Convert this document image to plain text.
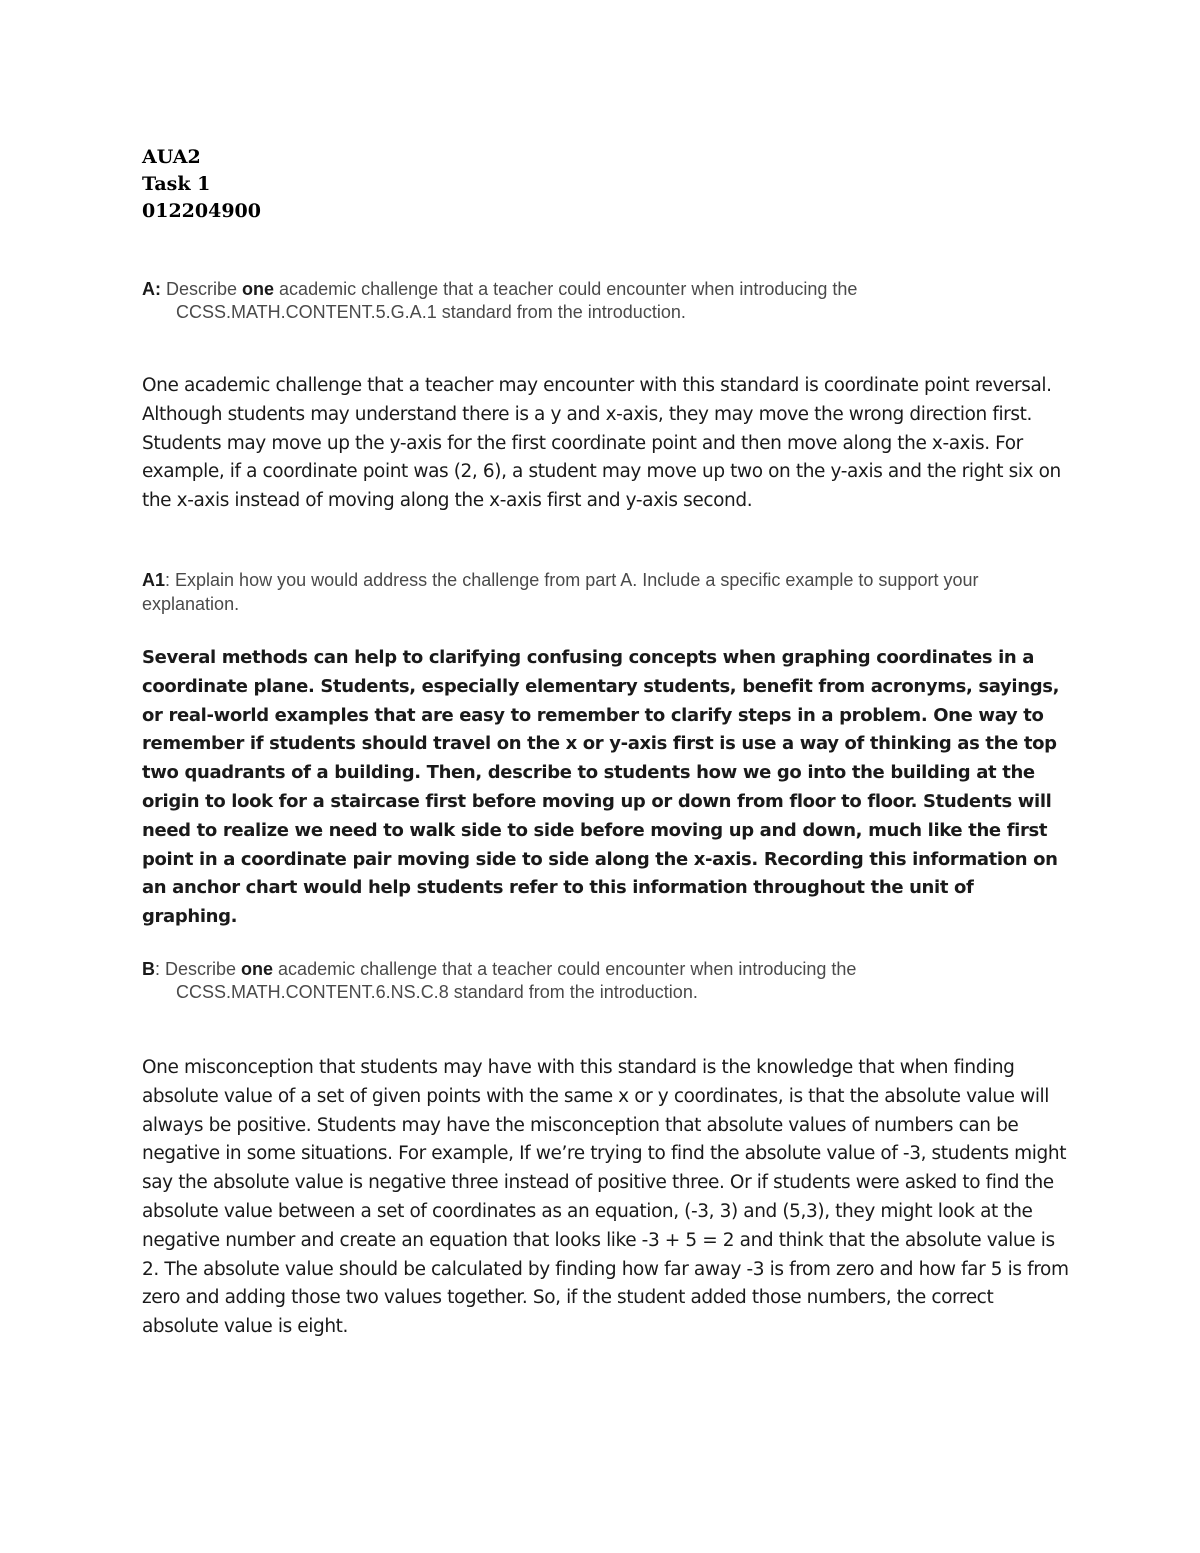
AUA2
Task 1
012204900
A: Describe one academic challenge that a teacher could encounter when introducing the
CCSS.MATH.CONTENT.5.G.A.1 standard from the introduction.

One academic challenge that a teacher may encounter with this standard is coordinate point reversal. Although students may understand there is a y and x-axis, they may move the wrong direction first. Students may move up the y-axis for the first coordinate point and then move along the x-axis. For example, if a coordinate point was (2, 6), a student may move up two on the y-axis and the right six on the x-axis instead of moving along the x-axis first and y-axis second.

A1: Explain how you would address the challenge from part A. Include a specific example to support your explanation.

Several methods can help to clarifying confusing concepts when graphing coordinates in a coordinate plane. Students, especially elementary students, benefit from acronyms, sayings, or real-world examples that are easy to remember to clarify steps in a problem. One way to remember if students should travel on the x or y-axis first is use a way of thinking as the top two quadrants of a building. Then, describe to students how we go into the building at the origin to look for a staircase first before moving up or down from floor to floor. Students will need to realize we need to walk side to side before moving up and down, much like the first point in a coordinate pair moving side to side along the x-axis. Recording this information on an anchor chart would help students refer to this information throughout the unit of graphing.

B: Describe one academic challenge that a teacher could encounter when introducing the
CCSS.MATH.CONTENT.6.NS.C.8 standard from the introduction.

One misconception that students may have with this standard is the knowledge that when finding absolute value of a set of given points with the same x or y coordinates, is that the absolute value will always be positive. Students may have the misconception that absolute values of numbers can be negative in some situations. For example, If we’re trying to find the absolute value of -3, students might say the absolute value is negative three instead of positive three. Or if students were asked to find the absolute value between a set of coordinates as an equation, (-3, 3) and (5,3), they might look at the negative number and create an equation that looks like -3 + 5 = 2 and think that the absolute value is 2. The absolute value should be calculated by finding how far away -3 is from zero and how far 5 is from zero and adding those two values together. So, if the student added those numbers, the correct absolute value is eight.
